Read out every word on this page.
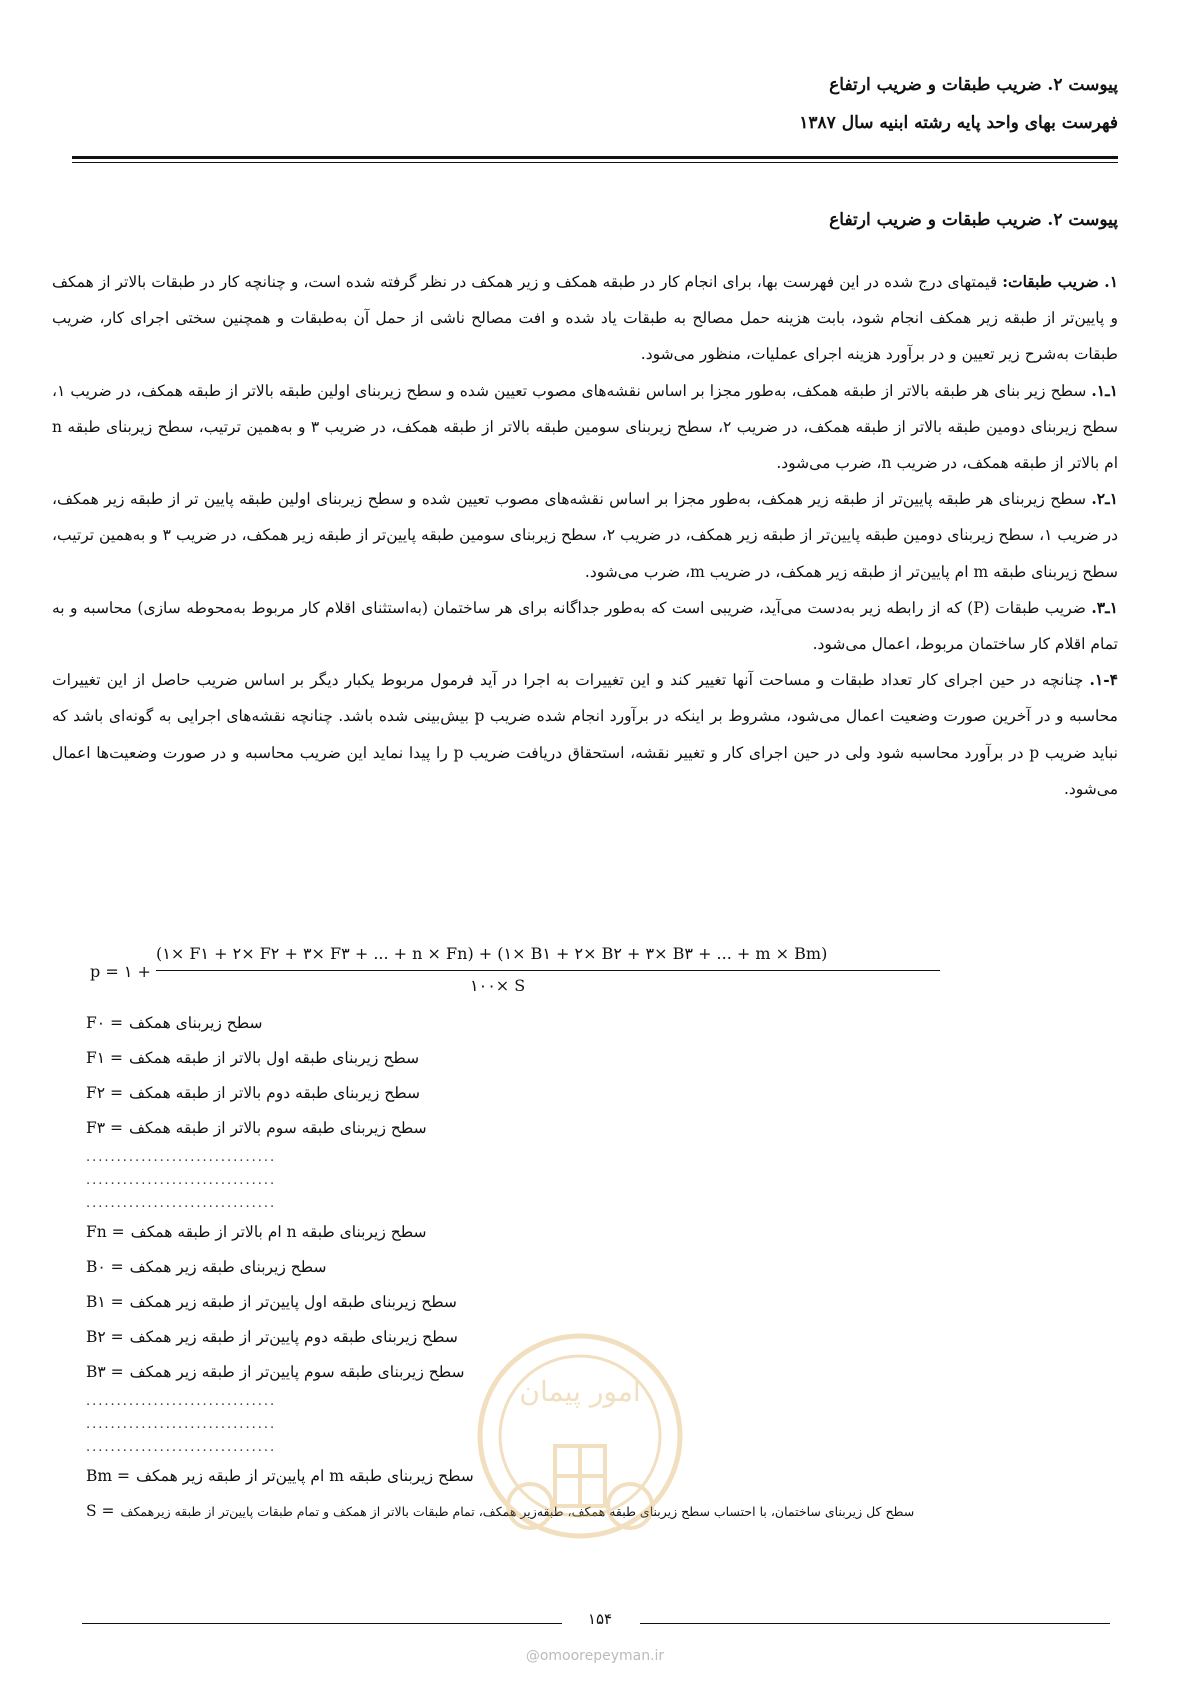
پیوست ۲. ضریب طبقات و ضریب ارتفاع
فهرست بهای واحد پایه رشته ابنیه سال ۱۳۸۷
پیوست ۲. ضریب طبقات و ضریب ارتفاع

۱. ضریب طبقات: قیمتهای درج شده در این فهرست بها، برای انجام کار در طبقه همکف و زیر همکف در نظر گرفته شده است، و چنانچه کار در طبقات بالاتر از همکف و پایین‌تر از طبقه زیر همکف انجام شود، بابت هزینه حمل مصالح به طبقات یاد شده و افت مصالح ناشی از حمل آن به‌طبقات و همچنین سختی اجرای کار، ضریب طبقات به‌شرح زیر تعیین و در برآورد هزینه اجرای عملیات، منظور می‌شود.

۱ـ۱. سطح زیر بنای هر طبقه بالاتر از طبقه همکف، به‌طور مجزا بر اساس نقشه‌های مصوب تعیین شده و سطح زیربنای اولین طبقه بالاتر از طبقه همکف، در ضریب ۱، سطح زیربنای دومین طبقه بالاتر از طبقه همکف، در ضریب ۲، سطح زیربنای سومین طبقه بالاتر از طبقه همکف، در ضریب ۳ و به‌همین ترتیب، سطح زیربنای طبقه n ام بالاتر از طبقه همکف، در ضریب n، ضرب می‌شود.

۱ـ۲. سطح زیربنای هر طبقه پایین‌تر از طبقه زیر همکف، به‌طور مجزا بر اساس نقشه‌های مصوب تعیین شده و سطح زیربنای اولین طبقه پایین تر از طبقه زیر همکف، در ضریب ۱، سطح زیربنای دومین طبقه پایین‌تر از طبقه زیر همکف، در ضریب ۲، سطح زیربنای سومین طبقه پایین‌تر از طبقه زیر همکف، در ضریب ۳ و به‌همین ترتیب، سطح زیربنای طبقه m ام پایین‌تر از طبقه زیر همکف، در ضریب m، ضرب می‌شود.

۱ـ۳. ضریب طبقات (P) که از رابطه زیر به‌دست می‌آید، ضریبی است که به‌طور جداگانه برای هر ساختمان (به‌استثنای اقلام کار مربوط به‌محوطه سازی) محاسبه و به تمام اقلام کار ساختمان مربوط، اعمال می‌شود.

۱-۴. چنانچه در حین اجرای کار تعداد طبقات و مساحت آنها تغییر کند و این تغییرات به اجرا در آید فرمول مربوط یکبار دیگر بر اساس ضریب حاصل از این تغییرات محاسبه و در آخرین صورت وضعیت اعمال می‌شود، مشروط بر اینکه در برآورد انجام شده ضریب p بیش‌بینی شده باشد. چنانچه نقشه‌های اجرایی به گونه‌ای باشد که نباید ضریب p در برآورد محاسبه شود ولی در حین اجرای کار و تغییر نقشه، استحقاق دریافت ضریب p را پیدا نماید این ضریب محاسبه و در صورت وضعیت‌ها اعمال می‌شود.

p = ۱ +
(۱× F۱ + ۲× F۲ + ۳× F۳ + ... + n × Fn) + (۱× B۱ + ۲× B۲ + ۳× B۳ + ... + m × Bm)
۱۰۰× S
F۰ = سطح زیربنای همکف
F۱ = سطح زیربنای طبقه اول بالاتر از طبقه همکف
F۲ = سطح زیربنای طبقه دوم بالاتر از طبقه همکف
F۳ = سطح زیربنای طبقه سوم بالاتر از طبقه همکف
...............................
...............................
...............................
Fn = سطح زیربنای طبقه n ام بالاتر از طبقه همکف
B۰ = سطح زیربنای طبقه زیر همکف
B۱ = سطح زیربنای طبقه اول پایین‌تر از طبقه زیر همکف
B۲ = سطح زیربنای طبقه دوم پایین‌تر از طبقه زیر همکف
B۳ = سطح زیربنای طبقه سوم پایین‌تر از طبقه زیر همکف
...............................
...............................
...............................
Bm = سطح زیربنای طبقه m ام پایین‌تر از طبقه زیر همکف
S = سطح کل زیربنای ساختمان، با احتساب سطح زیربنای طبقه همکف، طبقه‌زیر همکف، تمام طبقات بالاتر از همکف و تمام طبقات پایین‌تر از طبقه زیرهمکف
امور پیمان
۱۵۴
@omoorepeyman.ir
